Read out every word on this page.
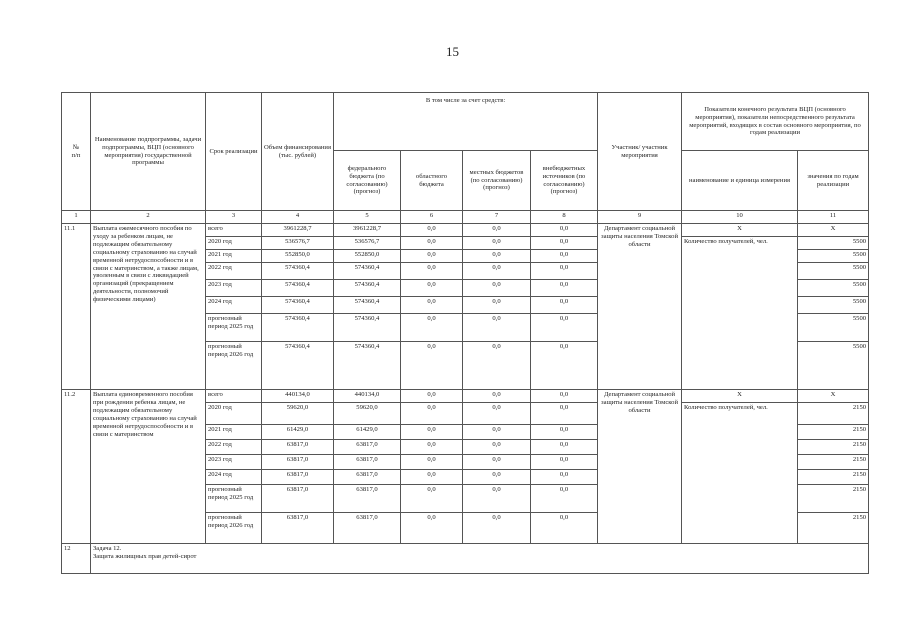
15
№
п/п	Наименование подпрограммы, задачи подпрограммы, ВЦП (основного мероприятия) государственной программы	Срок реализации	Объем финансирования (тыс. рублей)	В том числе за счет средств:				Участник/ участник мероприятия	Показатели конечного результата ВЦП (основного мероприятия), показатели непосредственного результата мероприятий, входящих в состав основного мероприятия, по годам реализации	
				федерального бюджета (по согласованию) (прогноз)	областного бюджета	местных бюджетов (по согласованию) (прогноз)	внебюджетных источников (по согласованию) (прогноз)		наименование и единица измерения	значения по годам реализации
1	2	3	4	5	6	7	8	9	10	11
11.1	Выплата ежемесячного пособия по уходу за ребенком лицам, не подлежащим обязательному социальному страхованию на случай временной нетрудоспособности и в связи с материнством, а также лицам, уволенным в связи с ликвидацией организаций (прекращением деятельности, полномочий физическими лицами)	всего	3961228,7	3961228,7	0,0	0,0	0,0	Департамент социальной защиты населения Томской области	X	X
		2020 год	536576,7	536576,7	0,0	0,0	0,0		Количество получателей, чел.	5500
		2021 год	552850,0	552850,0	0,0	0,0	0,0			5500
		2022 год	574360,4	574360,4	0,0	0,0	0,0			5500
		2023 год	574360,4	574360,4	0,0	0,0	0,0			5500
		2024 год	574360,4	574360,4	0,0	0,0	0,0			5500
		прогнозный период 2025 год	574360,4	574360,4	0,0	0,0	0,0			5500
		прогнозный период 2026 год	574360,4	574360,4	0,0	0,0	0,0			5500
11.2	Выплата единовременного пособия при рождении ребенка лицам, не подлежащим обязательному социальному страхованию на случай временной нетрудоспособности и в связи с материнством	всего	440134,0	440134,0	0,0	0,0	0,0	Департамент социальной защиты населения Томской области	X	X
		2020 год	59620,0	59620,0	0,0	0,0	0,0		Количество получателей, чел.	2150
		2021 год	61429,0	61429,0	0,0	0,0	0,0			2150
		2022 год	63817,0	63817,0	0,0	0,0	0,0			2150
		2023 год	63817,0	63817,0	0,0	0,0	0,0			2150
		2024 год	63817,0	63817,0	0,0	0,0	0,0			2150
		прогнозный период 2025 год	63817,0	63817,0	0,0	0,0	0,0			2150
		прогнозный период 2026 год	63817,0	63817,0	0,0	0,0	0,0			2150
12	Задача 12.
Защита жилищных прав детей-сирот									
